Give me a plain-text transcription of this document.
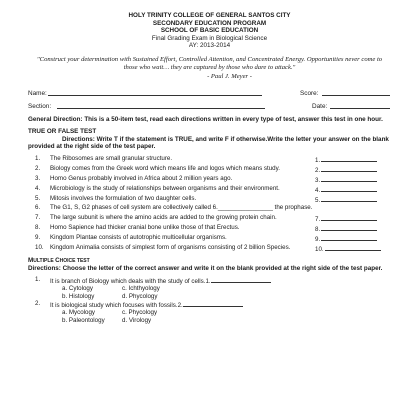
HOLY TRINITY COLLEGE OF GENERAL SANTOS CITY
SECONDARY EDUCATION PROGRAM
SCHOOL OF BASIC EDUCATION
Final Grading Exam in Biological Science
AY: 2013-2014
"Construct your determination with Sustained Effort, Controlled Attention, and Concentrated Energy. Opportunities never come to those who wait… they are captured by those who dare to attack."
- Paul J. Meyer -
Name:	Score:
Section:	Date:
General Direction: This is a 50-item test, read each directions written in every type of test, answer this test in one hour.
TRUE OR FALSE TEST
Directions: Write T if the statement is TRUE, and write F if otherwise.Write the letter your answer on the blank provided at the right side of the test paper.
1. The Ribosomes are small granular structure.	1.
2. Biology comes from the Greek word which means life and logos which means study.	2.
3. Homo Genus probably involved in Africa about 2 million years ago.	3.
4. Microbiology is the study of relationships between organisms and their environment.	4.
5. Mitosis involves the formulation of two daughter cells.	5.
6. The G1, S, G2 phases of cell system are collectively called 6.________________ the prophase.
7. The large subunit is where the amino acids are added to the growing protein chain.	7.
8. Homo Sapience had thicker cranial bone unlike those of that Erectus.	8.
9. Kingdom Plantae consists of autotrophic multicellular organisms.	9.
10. Kingdom Animalia consists of simplest form of organisms consisting of 2 billion Species.	10.
MULTIPLE CHOICE TEST
Directions: Choose the letter of the correct answer and write it on the blank provided at the right side of the test paper.
1. It is branch of Biology which deals with the study of cells.1.
a. Cytology	c. Ichthyology
b. Histology	d. Phycology
2. It is biological study which focuses with fossils.2.
a. Mycology	c. Phycology
b. Paleontology	d. Virology
